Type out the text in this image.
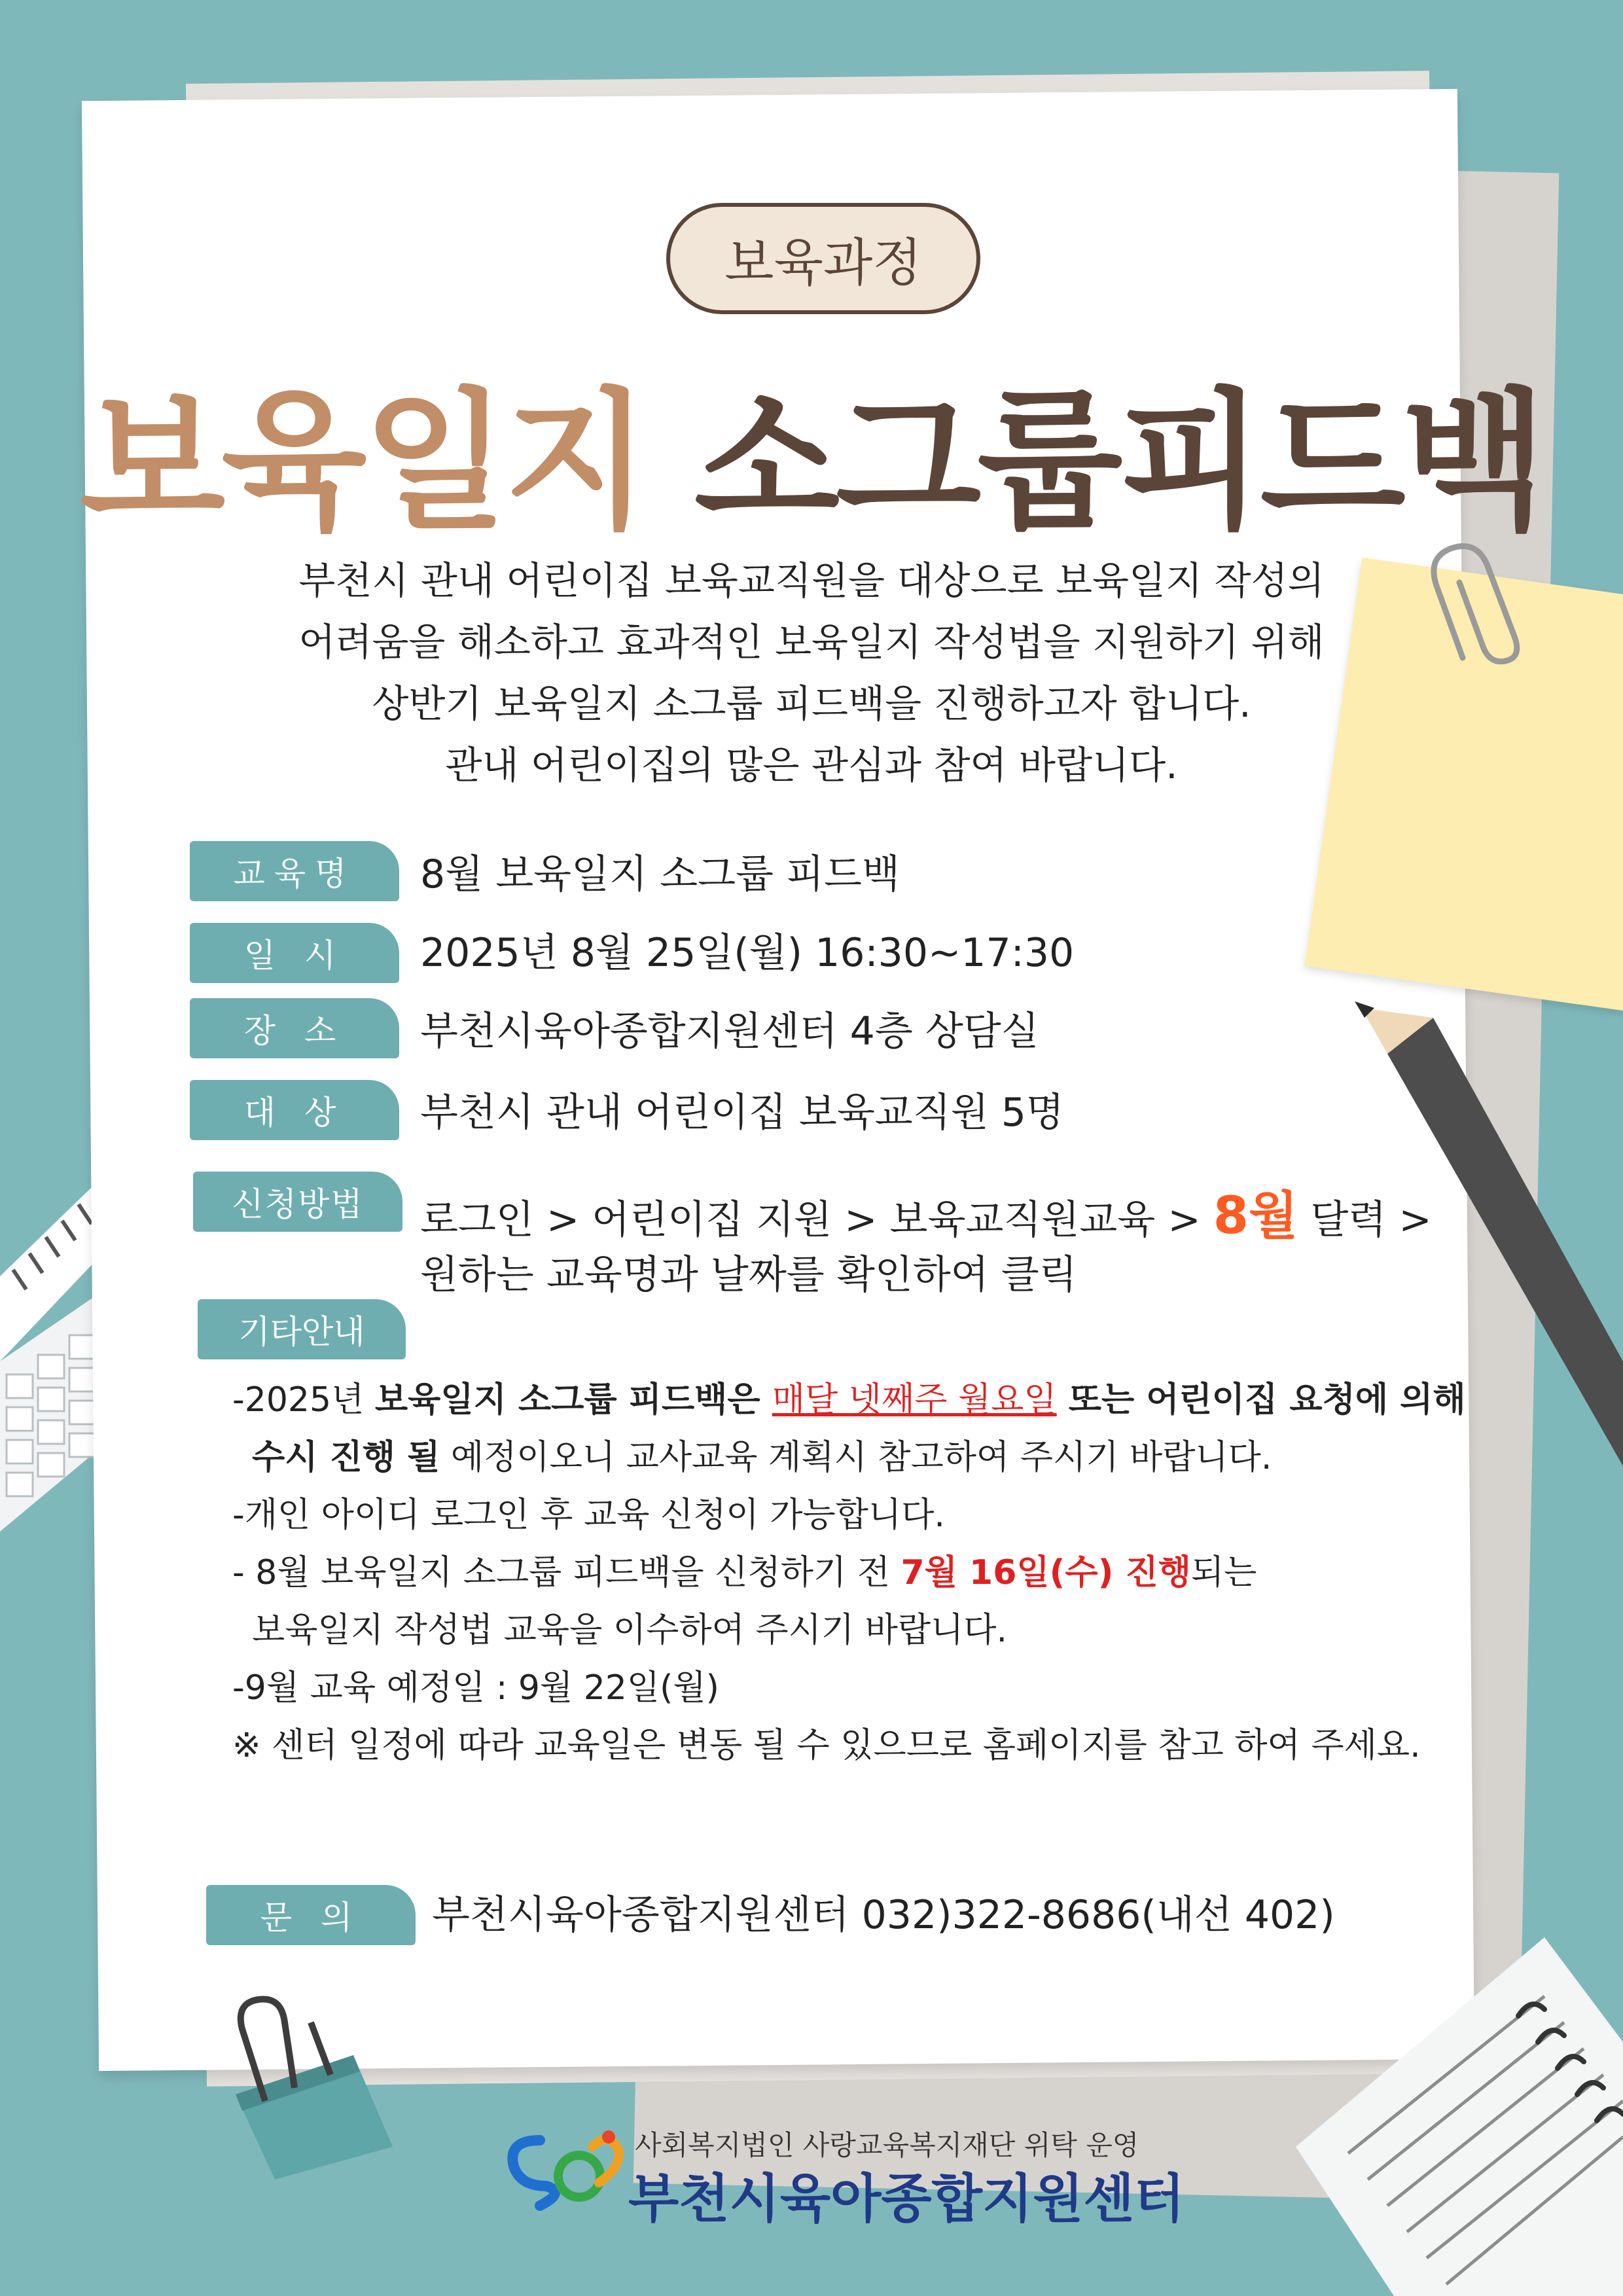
보육과정
보육일지 소그룹피드백
부천시 관내 어린이집 보육교직원을 대상으로 보육일지 작성의
어려움을 해소하고 효과적인 보육일지 작성법을 지원하기 위해
상반기 보육일지 소그룹 피드백을 진행하고자 합니다.
관내 어린이집의 많은 관심과 참여 바랍니다.
교육명	8월 보육일지 소그룹 피드백
일 시	2025년 8월 25일(월) 16:30~17:30
장 소	부천시육아종합지원센터 4층 상담실
대 상	부천시 관내 어린이집 보육교직원 5명
신청방법	로그인 > 어린이집 지원 > 보육교직원교육 > 8월 달력 >
원하는 교육명과 날짜를 확인하여 클릭
기타안내
-2025년 보육일지 소그룹 피드백은 매달 넷째주 월요일 또는 어린이집 요청에 의해
수시 진행 될 예정이오니 교사교육 계획시 참고하여 주시기 바랍니다.
-개인 아이디 로그인 후 교육 신청이 가능합니다.
- 8월 보육일지 소그룹 피드백을 신청하기 전 7월 16일(수) 진행되는
보육일지 작성법 교육을 이수하여 주시기 바랍니다.
-9월 교육 예정일 : 9월 22일(월)
※ 센터 일정에 따라 교육일은 변동 될 수 있으므로 홈페이지를 참고 하여 주세요.
문 의	부천시육아종합지원센터 032)322-8686(내선 402)
사회복지법인 사랑교육복지재단 위탁 운영
부천시육아종합지원센터
